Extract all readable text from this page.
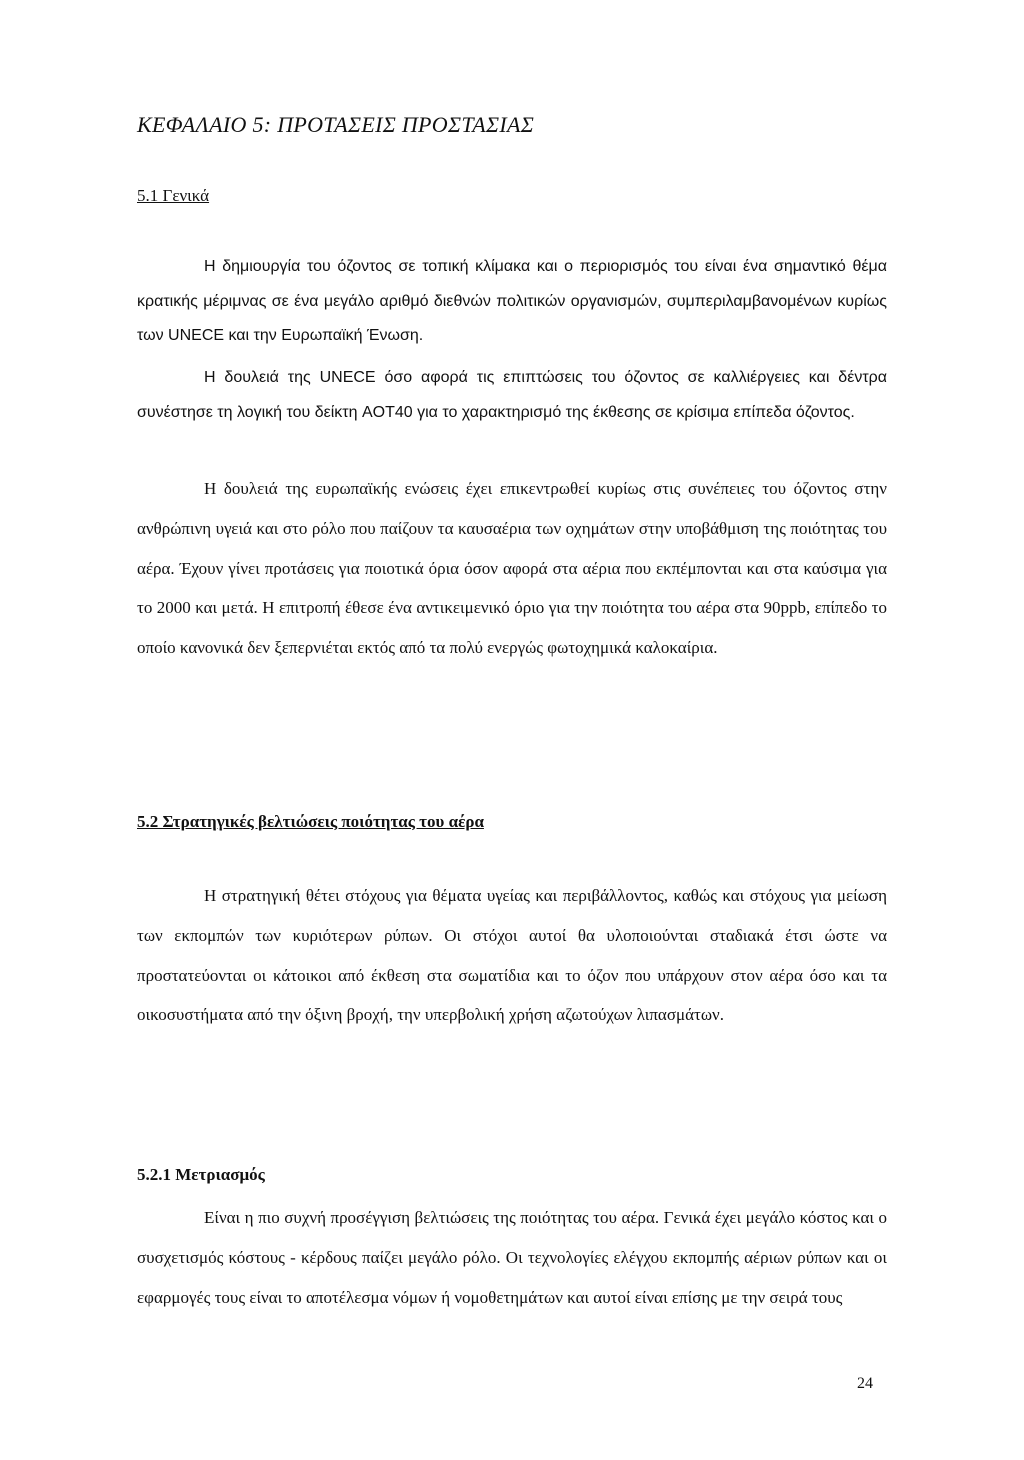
ΚΕΦΑΛΑΙΟ 5: ΠΡΟΤΑΣΕΙΣ ΠΡΟΣΤΑΣΙΑΣ
5.1 Γενικά

Η δημιουργία του όζοντος σε τοπική κλίμακα και ο περιορισμός του είναι ένα σημαντικό θέμα κρατικής μέριμνας σε ένα μεγάλο αριθμό διεθνών πολιτικών οργανισμών, συμπεριλαμβανομένων κυρίως των UNECE και την Ευρωπαϊκή Ένωση.

Η δουλειά της UNECE όσο αφορά τις επιπτώσεις του όζοντος σε καλλιέργειες και δέντρα συνέστησε τη λογική του δείκτη AOT40 για το χαρακτηρισμό της έκθεσης σε κρίσιμα επίπεδα όζοντος.

Η δουλειά της ευρωπαϊκής ενώσεις έχει επικεντρωθεί κυρίως στις συνέπειες του όζοντος στην ανθρώπινη υγειά και στο ρόλο που παίζουν τα καυσαέρια των οχημάτων στην υποβάθμιση της ποιότητας του αέρα. Έχουν γίνει προτάσεις για ποιοτικά όρια όσον αφορά στα αέρια που εκπέμπονται και στα καύσιμα για το 2000 και μετά. Η επιτροπή έθεσε ένα αντικειμενικό όριο για την ποιότητα του αέρα στα 90ppb, επίπεδο το οποίο κανονικά δεν ξεπερνιέται εκτός από τα πολύ ενεργώς φωτοχημικά καλοκαίρια.

5.2 Στρατηγικές βελτιώσεις ποιότητας του αέρα

Η στρατηγική θέτει στόχους για θέματα υγείας και περιβάλλοντος, καθώς και στόχους για μείωση των εκπομπών των κυριότερων ρύπων. Οι στόχοι αυτοί θα υλοποιούνται σταδιακά έτσι ώστε να προστατεύονται οι κάτοικοι από έκθεση στα σωματίδια και το όζον που υπάρχουν στον αέρα όσο και τα οικοσυστήματα από την όξινη βροχή, την υπερβολική χρήση αζωτούχων λιπασμάτων.

5.2.1 Μετριασμός

Είναι η πιο συχνή προσέγγιση βελτιώσεις της ποιότητας του αέρα. Γενικά έχει μεγάλο κόστος και ο συσχετισμός κόστους - κέρδους παίζει μεγάλο ρόλο. Οι τεχνολογίες ελέγχου εκπομπής αέριων ρύπων και οι εφαρμογές τους είναι το αποτέλεσμα νόμων ή νομοθετημάτων και αυτοί είναι επίσης με την σειρά τους

24
